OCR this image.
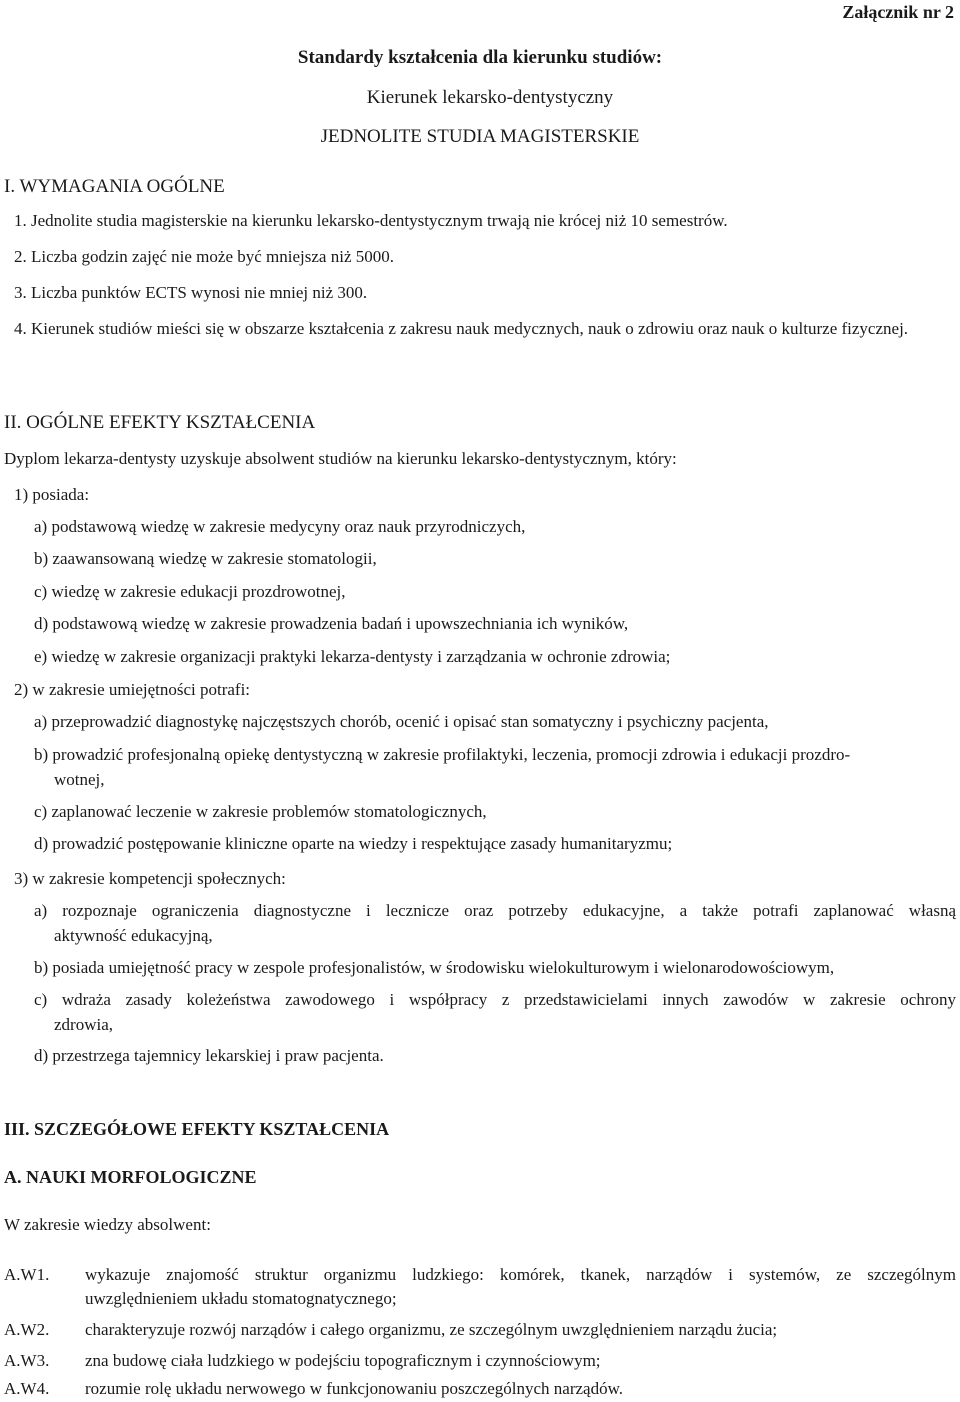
Załącznik nr 2
Standardy kształcenia dla kierunku studiów:
Kierunek lekarsko-dentystyczny
JEDNOLITE STUDIA MAGISTERSKIE
I. WYMAGANIA OGÓLNE
1. Jednolite studia magisterskie na kierunku lekarsko-dentystycznym trwają nie krócej niż 10 semestrów.
2. Liczba godzin zajęć nie może być mniejsza niż 5000.
3. Liczba punktów ECTS wynosi nie mniej niż 300.
4. Kierunek studiów mieści się w obszarze kształcenia z zakresu nauk medycznych, nauk o zdrowiu oraz nauk o kulturze fizycznej.
II. OGÓLNE EFEKTY KSZTAŁCENIA
Dyplom lekarza-dentysty uzyskuje absolwent studiów na kierunku lekarsko-dentystycznym, który:
1) posiada:
a) podstawową wiedzę w zakresie medycyny oraz nauk przyrodniczych,
b) zaawansowaną wiedzę w zakresie stomatologii,
c) wiedzę w zakresie edukacji prozdrowotnej,
d) podstawową wiedzę w zakresie prowadzenia badań i upowszechniania ich wyników,
e) wiedzę w zakresie organizacji praktyki lekarza-dentysty i zarządzania w ochronie zdrowia;
2) w zakresie umiejętności potrafi:
a) przeprowadzić diagnostykę najczęstszych chorób, ocenić i opisać stan somatyczny i psychiczny pacjenta,
b) prowadzić profesjonalną opiekę dentystyczną w zakresie profilaktyki, leczenia, promocji zdrowia i edukacji prozdro-
wotnej,
c) zaplanować leczenie w zakresie problemów stomatologicznych,
d) prowadzić postępowanie kliniczne oparte na wiedzy i respektujące zasady humanitaryzmu;
3) w zakresie kompetencji społecznych:
a) rozpoznaje ograniczenia diagnostyczne i lecznicze oraz potrzeby edukacyjne, a także potrafi zaplanować własną
aktywność edukacyjną,
b) posiada umiejętność pracy w zespole profesjonalistów, w środowisku wielokulturowym i wielonarodowościowym,
c) wdraża zasady koleżeństwa zawodowego i współpracy z przedstawicielami innych zawodów w zakresie ochrony
zdrowia,
d) przestrzega tajemnicy lekarskiej i praw pacjenta.
III. SZCZEGÓŁOWE EFEKTY KSZTAŁCENIA
A. NAUKI MORFOLOGICZNE
W zakresie wiedzy absolwent:
A.W1. wykazuje znajomość struktur organizmu ludzkiego: komórek, tkanek, narządów i systemów, ze szczególnym
uwzględnieniem układu stomatognatycznego;
A.W2. charakteryzuje rozwój narządów i całego organizmu, ze szczególnym uwzględnieniem narządu żucia;
A.W3. zna budowę ciała ludzkiego w podejściu topograficznym i czynnościowym;
A.W4. rozumie rolę układu nerwowego w funkcjonowaniu poszczególnych narządów.
